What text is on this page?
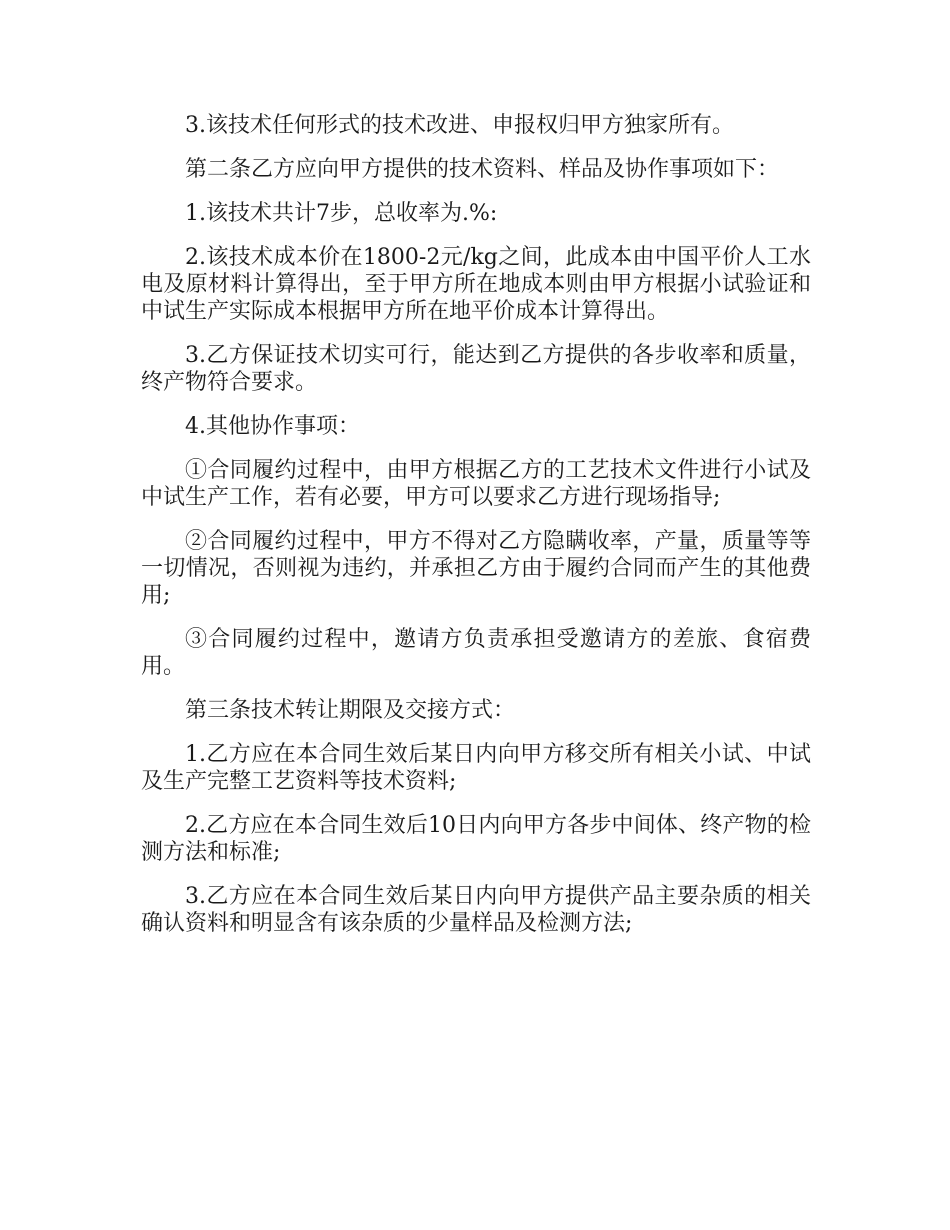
3.该技术任何形式的技术改进、申报权归甲方独家所有。

第二条乙方应向甲方提供的技术资料、样品及协作事项如下：

1.该技术共计7步，总收率为.%:

2.该技术成本价在1800-2元/kg之间，此成本由中国平价人工水电及原材料计算得出，至于甲方所在地成本则由甲方根据小试验证和中试生产实际成本根据甲方所在地平价成本计算得出。

3.乙方保证技术切实可行，能达到乙方提供的各步收率和质量，终产物符合要求。

4.其他协作事项：

①合同履约过程中，由甲方根据乙方的工艺技术文件进行小试及中试生产工作，若有必要，甲方可以要求乙方进行现场指导;

②合同履约过程中，甲方不得对乙方隐瞒收率，产量，质量等等一切情况，否则视为违约，并承担乙方由于履约合同而产生的其他费用;

③合同履约过程中，邀请方负责承担受邀请方的差旅、食宿费用。

第三条技术转让期限及交接方式：

1.乙方应在本合同生效后某日内向甲方移交所有相关小试、中试及生产完整工艺资料等技术资料;

2.乙方应在本合同生效后10日内向甲方各步中间体、终产物的检测方法和标准;

3.乙方应在本合同生效后某日内向甲方提供产品主要杂质的相关确认资料和明显含有该杂质的少量样品及检测方法;
